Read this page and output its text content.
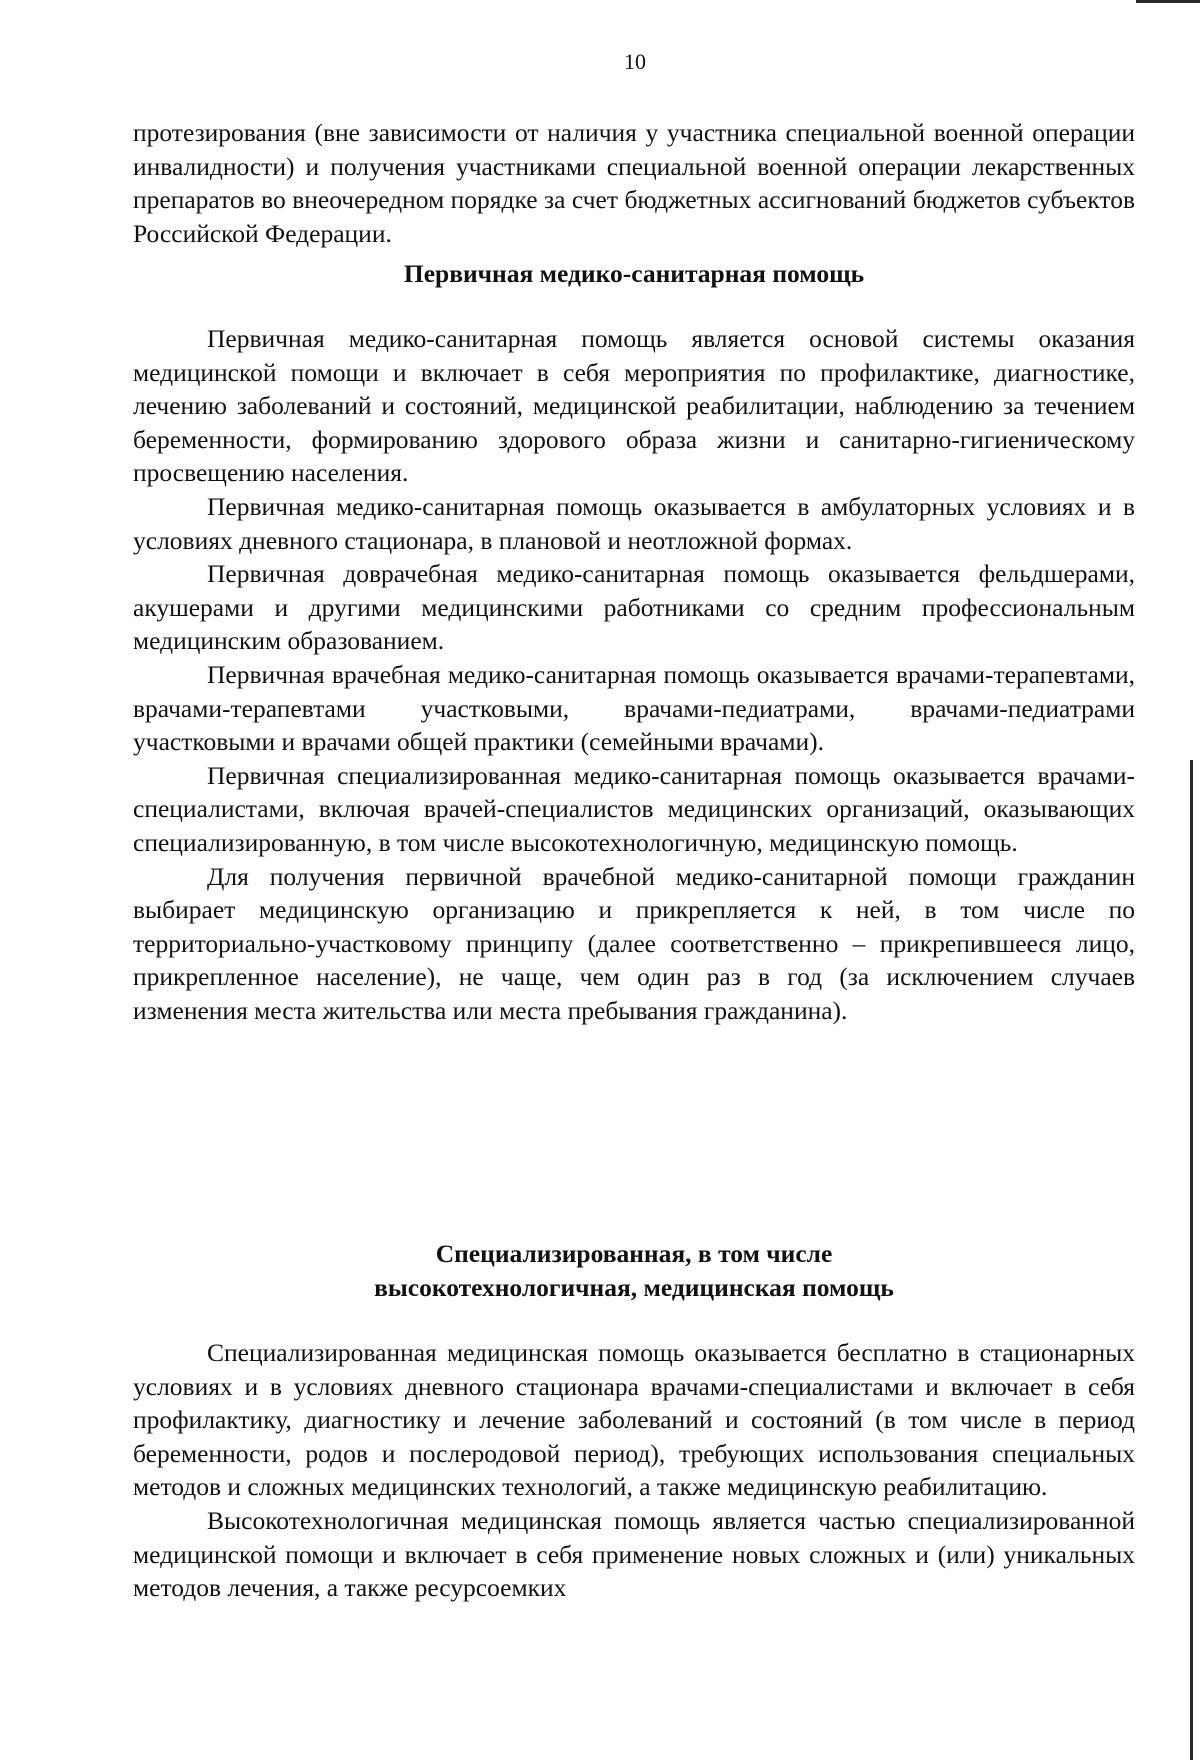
10

протезирования (вне зависимости от наличия у участника специальной военной операции инвалидности) и получения участниками специальной военной операции лекарственных препаратов во внеочередном порядке за счет бюджетных ассигнований бюджетов субъектов Российской Федерации.

Первичная медико-санитарная помощь

Первичная медико-санитарная помощь является основой системы оказания медицинской помощи и включает в себя мероприятия по профилактике, диагностике, лечению заболеваний и состояний, медицинской реабилитации, наблюдению за течением беременности, формированию здорового образа жизни и санитарно-гигиеническому просвещению населения.

Первичная медико-санитарная помощь оказывается в амбулаторных условиях и в условиях дневного стационара, в плановой и неотложной формах.

Первичная доврачебная медико-санитарная помощь оказывается фельдшерами, акушерами и другими медицинскими работниками со средним профессиональным медицинским образованием.

Первичная врачебная медико-санитарная помощь оказывается врачами-терапевтами, врачами-терапевтами участковыми, врачами-педиатрами, врачами-педиатрами участковыми и врачами общей практики (семейными врачами).

Первичная специализированная медико-санитарная помощь оказывается врачами-специалистами, включая врачей-специалистов медицинских организаций, оказывающих специализированную, в том числе высокотехнологичную, медицинскую помощь.

Для получения первичной врачебной медико-санитарной помощи гражданин выбирает медицинскую организацию и прикрепляется к ней, в том числе по территориально-участковому принципу (далее соответственно – прикрепившееся лицо, прикрепленное население), не чаще, чем один раз в год (за исключением случаев изменения места жительства или места пребывания гражданина).

Специализированная, в том числе
высокотехнологичная, медицинская помощь

Специализированная медицинская помощь оказывается бесплатно в стационарных условиях и в условиях дневного стационара врачами-специалистами и включает в себя профилактику, диагностику и лечение заболеваний и состояний (в том числе в период беременности, родов и послеродовой период), требующих использования специальных методов и сложных медицинских технологий, а также медицинскую реабилитацию.

Высокотехнологичная медицинская помощь является частью специализированной медицинской помощи и включает в себя применение новых сложных и (или) уникальных методов лечения, а также ресурсоемких
